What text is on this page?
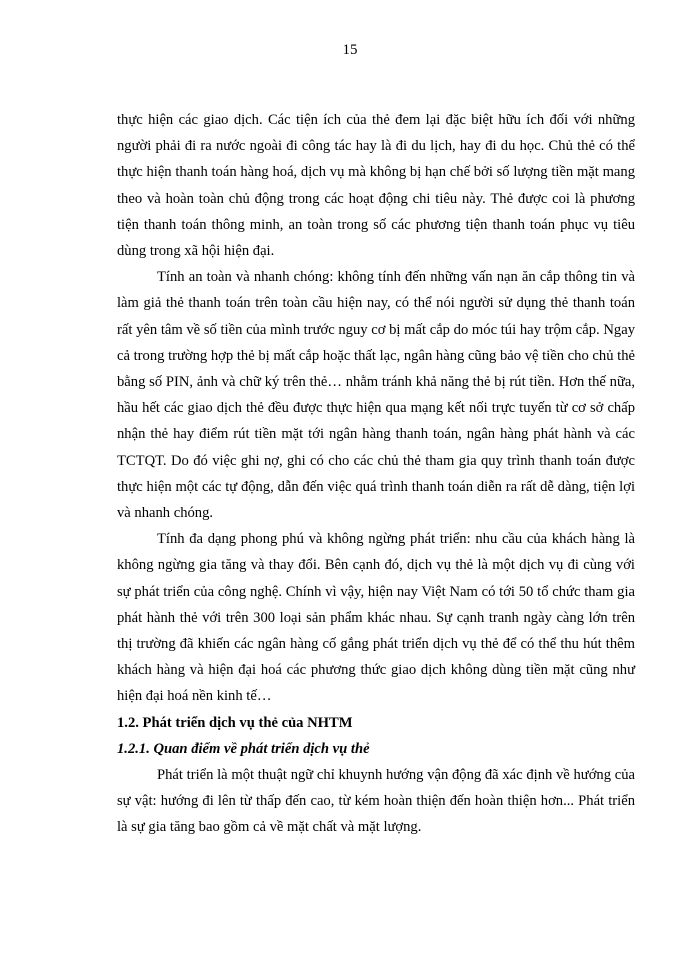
15

thực hiện các giao dịch. Các tiện ích của thẻ đem lại đặc biệt hữu ích đối với những người phải đi ra nước ngoài đi công tác hay là đi du lịch, hay đi du học. Chủ thẻ có thể thực hiện thanh toán hàng hoá, dịch vụ mà không bị hạn chế bởi số lượng tiền mặt mang theo và hoàn toàn chủ động trong các hoạt động chi tiêu này. Thẻ được coi là phương tiện thanh toán thông minh, an toàn trong số các phương tiện thanh toán phục vụ tiêu dùng trong xã hội hiện đại.

Tính an toàn và nhanh chóng: không tính đến những vấn nạn ăn cắp thông tin và làm giả thẻ thanh toán trên toàn cầu hiện nay, có thể nói người sử dụng thẻ thanh toán rất yên tâm về số tiền của mình trước nguy cơ bị mất cắp do móc túi hay trộm cắp. Ngay cả trong trường hợp thẻ bị mất cắp hoặc thất lạc, ngân hàng cũng bảo vệ tiền cho chủ thẻ bằng số PIN, ảnh và chữ ký trên thẻ… nhằm tránh khả năng thẻ bị rút tiền. Hơn thế nữa, hầu hết các giao dịch thẻ đều được thực hiện qua mạng kết nối trực tuyến từ cơ sở chấp nhận thẻ hay điểm rút tiền mặt tới ngân hàng thanh toán, ngân hàng phát hành và các TCTQT. Do đó việc ghi nợ, ghi có cho các chủ thẻ tham gia quy trình thanh toán được thực hiện một các tự động, dẫn đến việc quá trình thanh toán diễn ra rất dễ dàng, tiện lợi và nhanh chóng.

Tính đa dạng phong phú và không ngừng phát triển: nhu cầu của khách hàng là không ngừng gia tăng và thay đổi. Bên cạnh đó, dịch vụ thẻ là một dịch vụ đi cùng với sự phát triển của công nghệ. Chính vì vậy, hiện nay Việt Nam có tới 50 tổ chức tham gia phát hành thẻ với trên 300 loại sản phẩm khác nhau. Sự cạnh tranh ngày càng lớn trên thị trường đã khiến các ngân hàng cố gắng phát triển dịch vụ thẻ để có thể thu hút thêm khách hàng và hiện đại hoá các phương thức giao dịch không dùng tiền mặt cũng như hiện đại hoá nền kinh tế…

1.2. Phát triển dịch vụ thẻ của NHTM

1.2.1. Quan điểm về phát triển dịch vụ thẻ

Phát triển là một thuật ngữ chỉ khuynh hướng vận động đã xác định về hướng của sự vật: hướng đi lên từ thấp đến cao, từ kém hoàn thiện đến hoàn thiện hơn... Phát triển là sự gia tăng bao gồm cả về mặt chất và mặt lượng.
